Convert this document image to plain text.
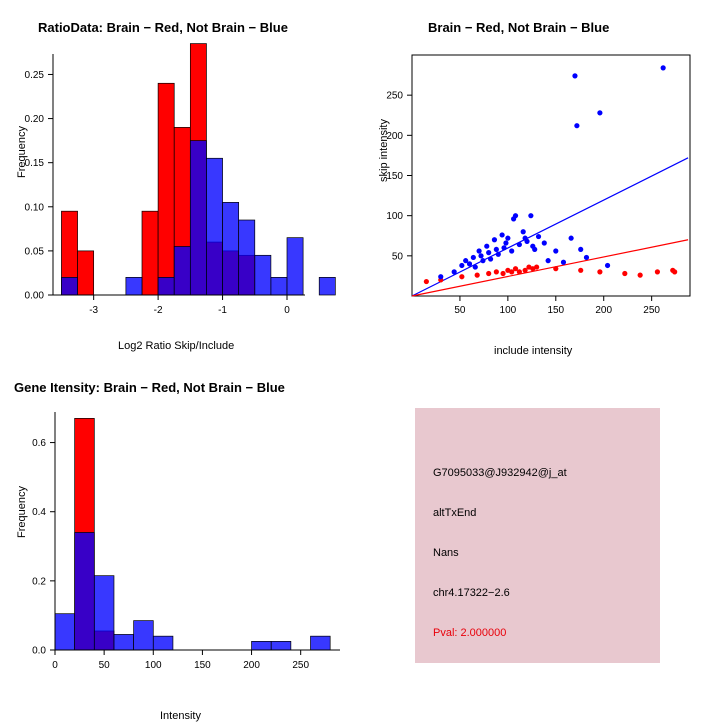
RatioData: Brain − Red, Not Brain − Blue
Frequency
Log2 Ratio Skip/Include
-3	-2	-1	0
0.00
0.05
0.10
0.15
0.20
0.25
Brain − Red, Not Brain − Blue
skip intensity
include intensity
50	100	150	200	250
50
100
150
200
250
Gene Itensity: Brain − Red, Not Brain − Blue
Frequency
Intensity
0	50	100	150	200	250
0.0
0.2
0.4
0.6
G7095033@J932942@j_at
altTxEnd
Nans
chr4.17322−2.6
Pval: 2.000000
